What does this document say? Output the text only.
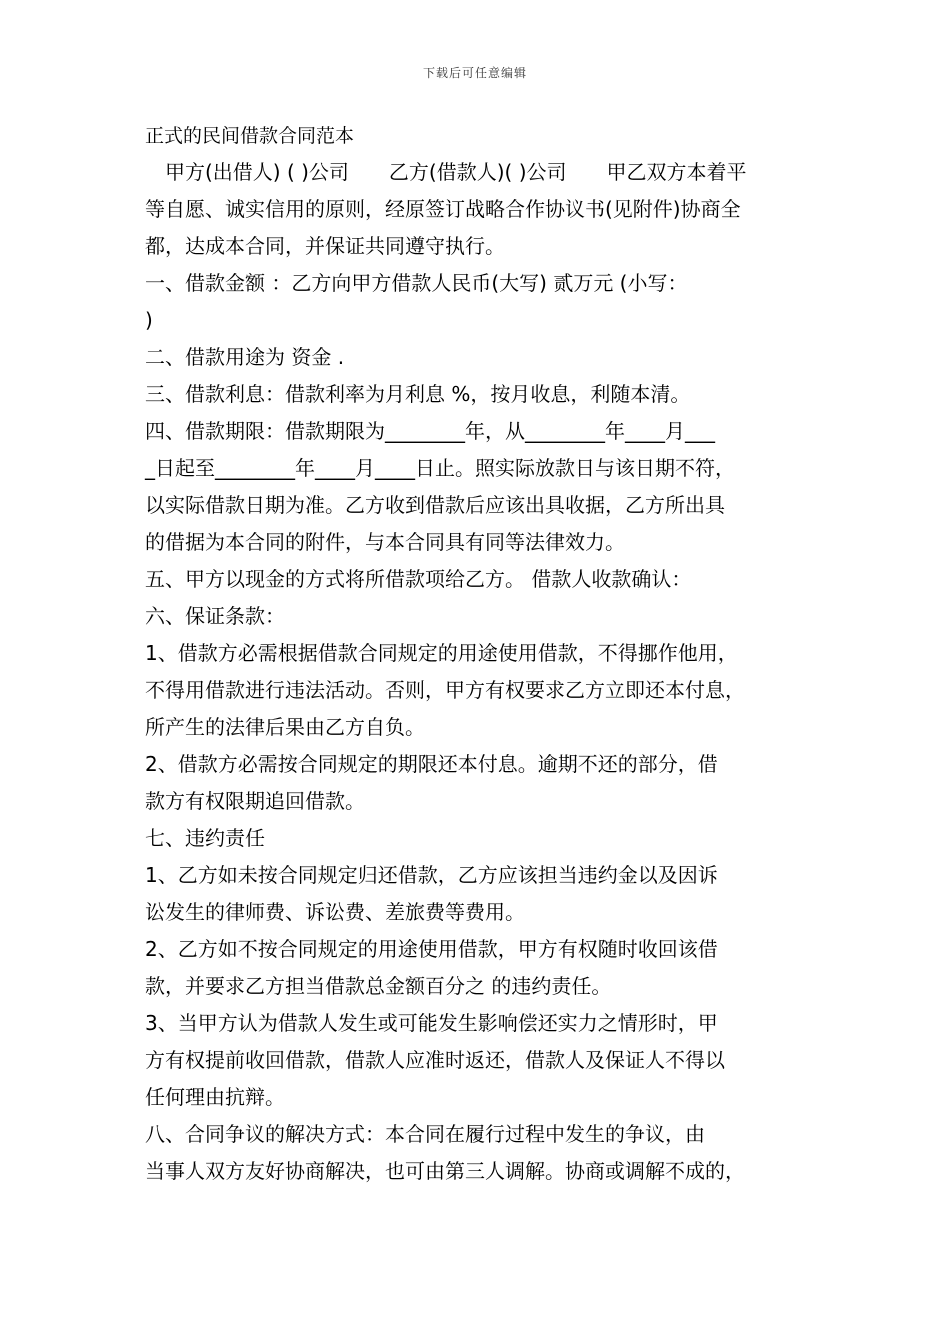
下载后可任意编辑
正式的民间借款合同范本
　甲方(出借人) ( )公司　　乙方(借款人)( )公司　　甲乙双方本着平
等自愿、诚实信用的原则，经原签订战略合作协议书(见附件)协商全
都，达成本合同，并保证共同遵守执行。
一、借款金额 ：乙方向甲方借款人民币(大写) 贰万元 (小写：
)
二、借款用途为 资金 .
三、借款利息：借款利率为月利息 %，按月收息，利随本清。
四、借款期限：借款期限为________年，从________年____月___
_日起至________年____月____日止。照实际放款日与该日期不符，
以实际借款日期为准。乙方收到借款后应该出具收据，乙方所出具
的借据为本合同的附件，与本合同具有同等法律效力。
五、甲方以现金的方式将所借款项给乙方。 借款人收款确认：
六、保证条款：
1、借款方必需根据借款合同规定的用途使用借款，不得挪作他用，
不得用借款进行违法活动。否则，甲方有权要求乙方立即还本付息，
所产生的法律后果由乙方自负。
2、借款方必需按合同规定的期限还本付息。逾期不还的部分，借
款方有权限期追回借款。
七、违约责任
1、乙方如未按合同规定归还借款，乙方应该担当违约金以及因诉
讼发生的律师费、诉讼费、差旅费等费用。
2、乙方如不按合同规定的用途使用借款，甲方有权随时收回该借
款，并要求乙方担当借款总金额百分之 的违约责任。
3、当甲方认为借款人发生或可能发生影响偿还实力之情形时，甲
方有权提前收回借款，借款人应准时返还，借款人及保证人不得以
任何理由抗辩。
八、合同争议的解决方式：本合同在履行过程中发生的争议，由
当事人双方友好协商解决，也可由第三人调解。协商或调解不成的，
